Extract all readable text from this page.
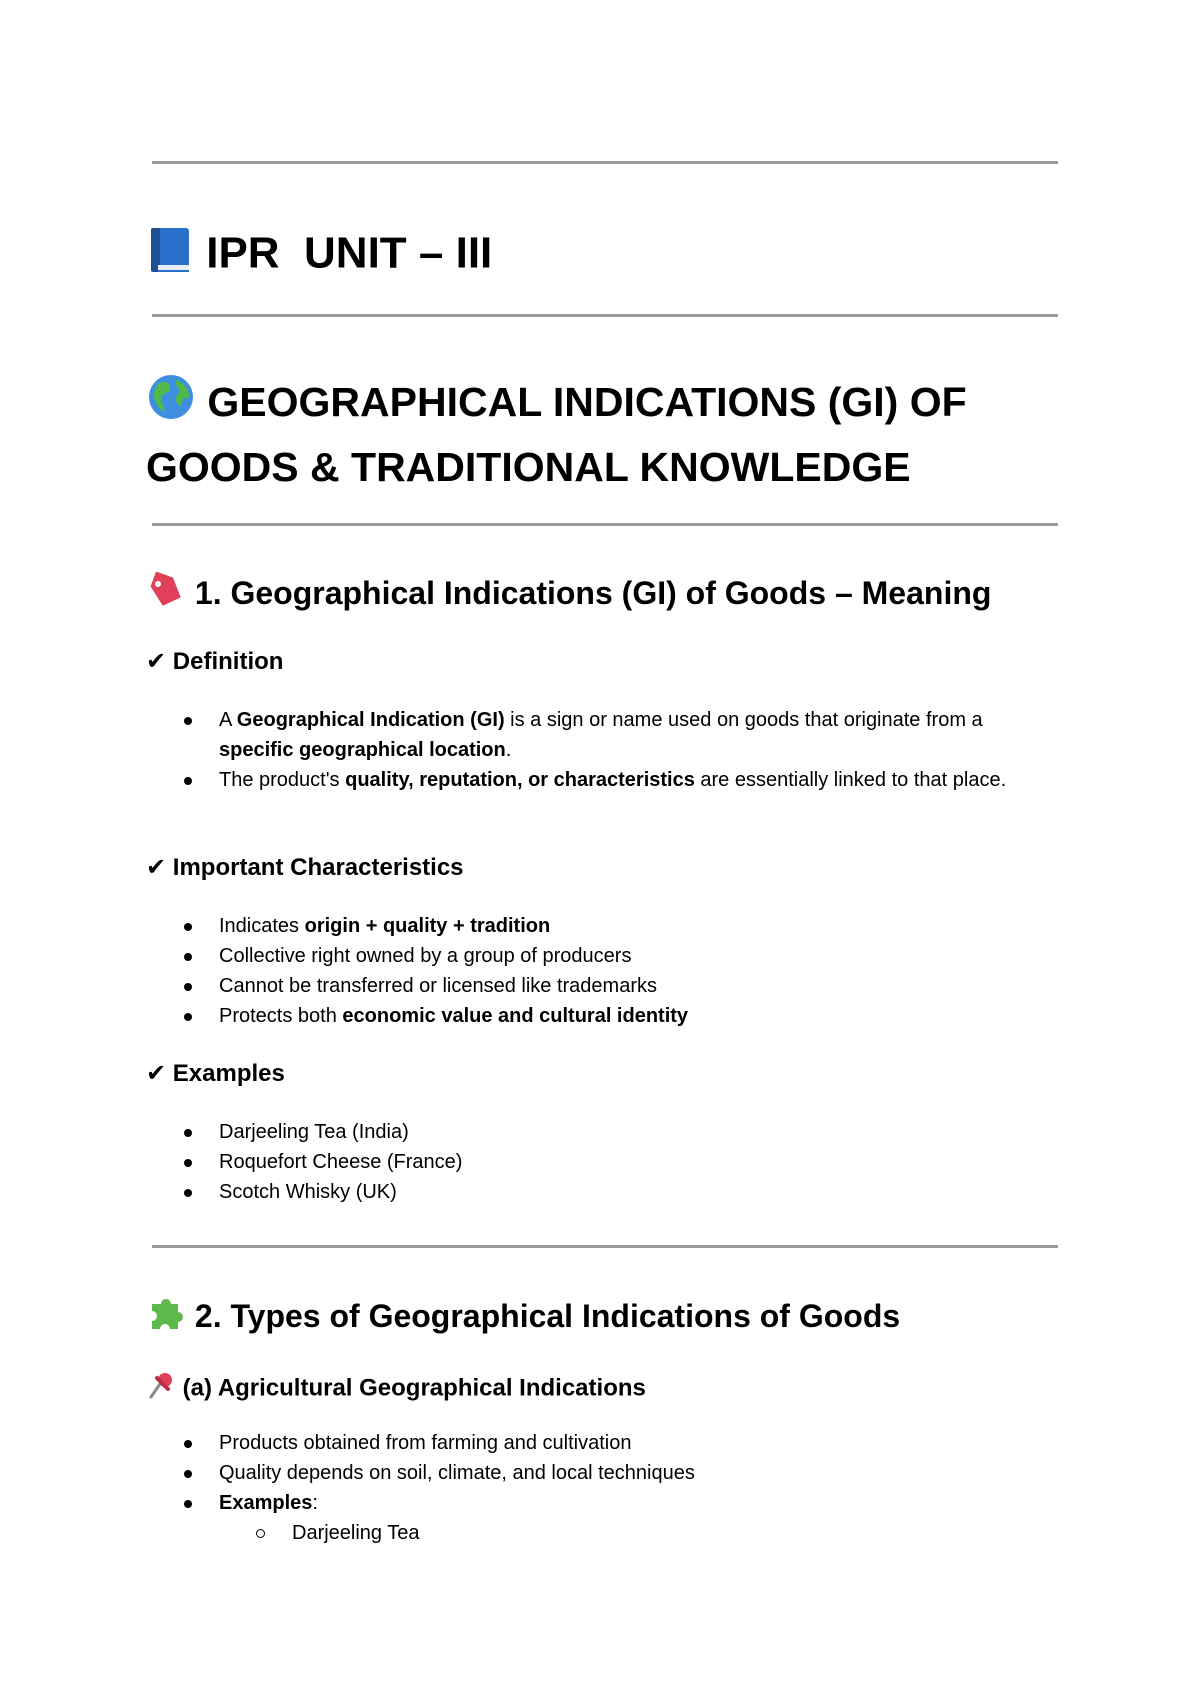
IPR  UNIT – III
GEOGRAPHICAL INDICATIONS (GI) OF GOODS & TRADITIONAL KNOWLEDGE
1. Geographical Indications (GI) of Goods – Meaning
✔ Definition
A Geographical Indication (GI) is a sign or name used on goods that originate from a specific geographical location.
The product's quality, reputation, or characteristics are essentially linked to that place.
✔ Important Characteristics
Indicates origin + quality + tradition
Collective right owned by a group of producers
Cannot be transferred or licensed like trademarks
Protects both economic value and cultural identity
✔ Examples
Darjeeling Tea (India)
Roquefort Cheese (France)
Scotch Whisky (UK)
2. Types of Geographical Indications of Goods
(a) Agricultural Geographical Indications
Products obtained from farming and cultivation
Quality depends on soil, climate, and local techniques
Examples:
Darjeeling Tea
